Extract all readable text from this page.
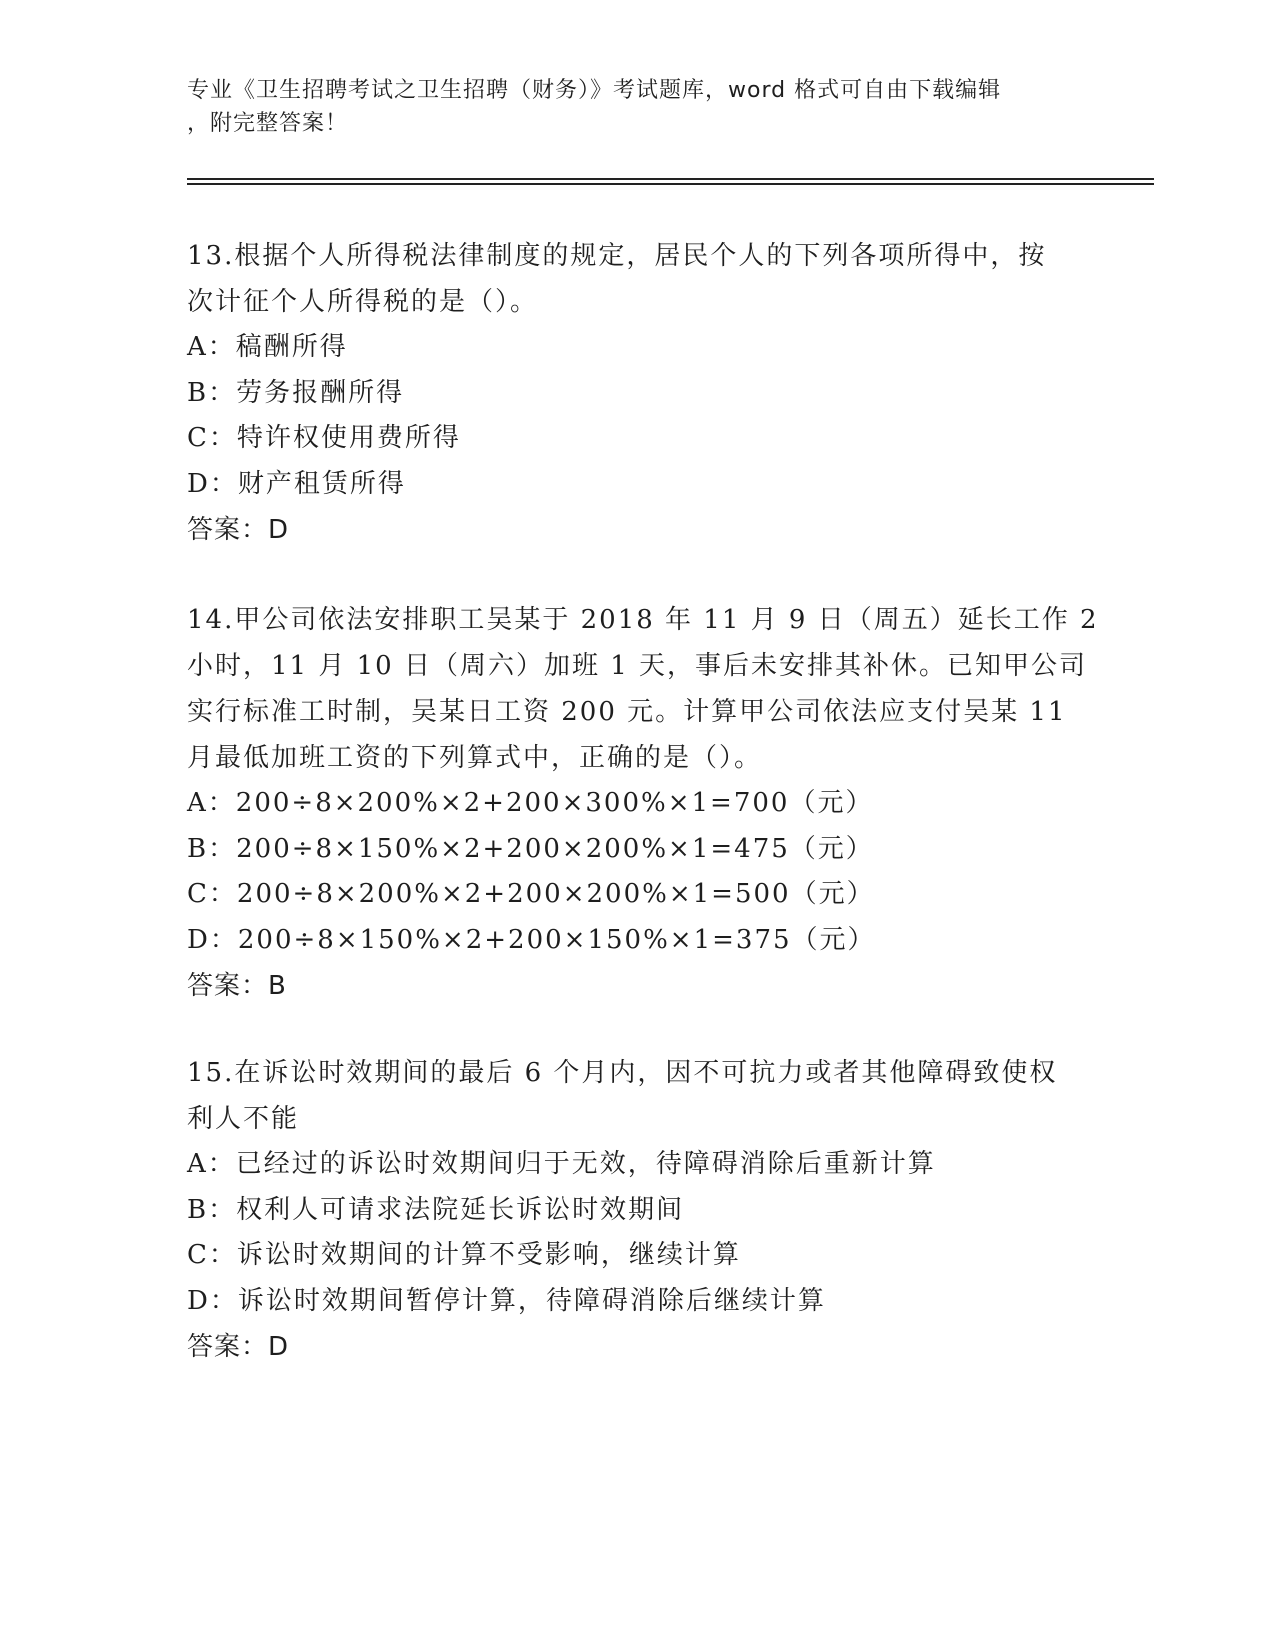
专业《卫生招聘考试之卫生招聘（财务）》考试题库，word 格式可自由下载编辑
，附完整答案！
13.根据个人所得税法律制度的规定，居民个人的下列各项所得中，按
次计征个人所得税的是（）。
A：稿酬所得
B：劳务报酬所得
C：特许权使用费所得
D：财产租赁所得
答案：D
14.甲公司依法安排职工吴某于 2018 年 11 月 9 日（周五）延长工作 2
小时，11 月 10 日（周六）加班 1 天，事后未安排其补休。已知甲公司
实行标准工时制，吴某日工资 200 元。计算甲公司依法应支付吴某 11
月最低加班工资的下列算式中，正确的是（）。
A：200÷8×200%×2+200×300%×1=700（元）
B：200÷8×150%×2+200×200%×1=475（元）
C：200÷8×200%×2+200×200%×1=500（元）
D：200÷8×150%×2+200×150%×1=375（元）
答案：B
15.在诉讼时效期间的最后 6 个月内，因不可抗力或者其他障碍致使权
利人不能
A：已经过的诉讼时效期间归于无效，待障碍消除后重新计算
B：权利人可请求法院延长诉讼时效期间
C：诉讼时效期间的计算不受影响，继续计算
D：诉讼时效期间暂停计算，待障碍消除后继续计算
答案：D
